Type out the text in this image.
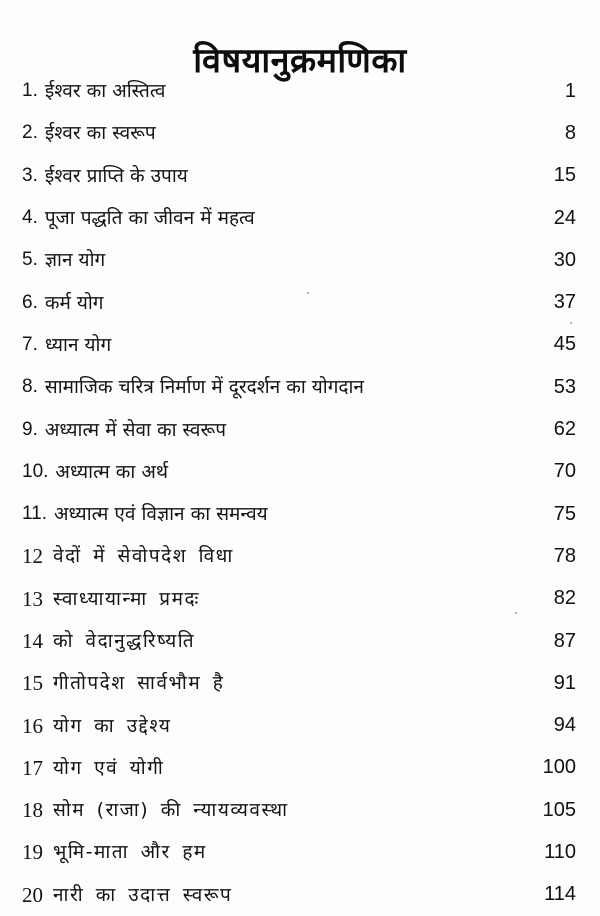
विषयानुक्रमणिका
1. ईश्वर का अस्तित्व	1
2. ईश्वर का स्वरूप	8
3. ईश्वर प्राप्ति के उपाय	15
4. पूजा पद्धति का जीवन में महत्व	24
5. ज्ञान योग	30
6. कर्म योग	37
7. ध्यान योग	45
8. सामाजिक चरित्र निर्माण में दूरदर्शन का योगदान	53
9. अध्यात्म में सेवा का स्वरूप	62
10. अध्यात्म का अर्थ	70
11. अध्यात्म एवं विज्ञान का समन्वय	75
12 वेदों में सेवोपदेश विधा	78
13 स्वाध्यायान्मा प्रमदः	82
14 को वेदानुद्धरिष्यति	87
15 गीतोपदेश सार्वभौम है	91
16 योग का उद्देश्य	94
17 योग एवं योगी	100
18 सोम (राजा) की न्यायव्यवस्था	105
19 भूमि-माता और हम	110
20 नारी का उदात्त स्वरूप	114
